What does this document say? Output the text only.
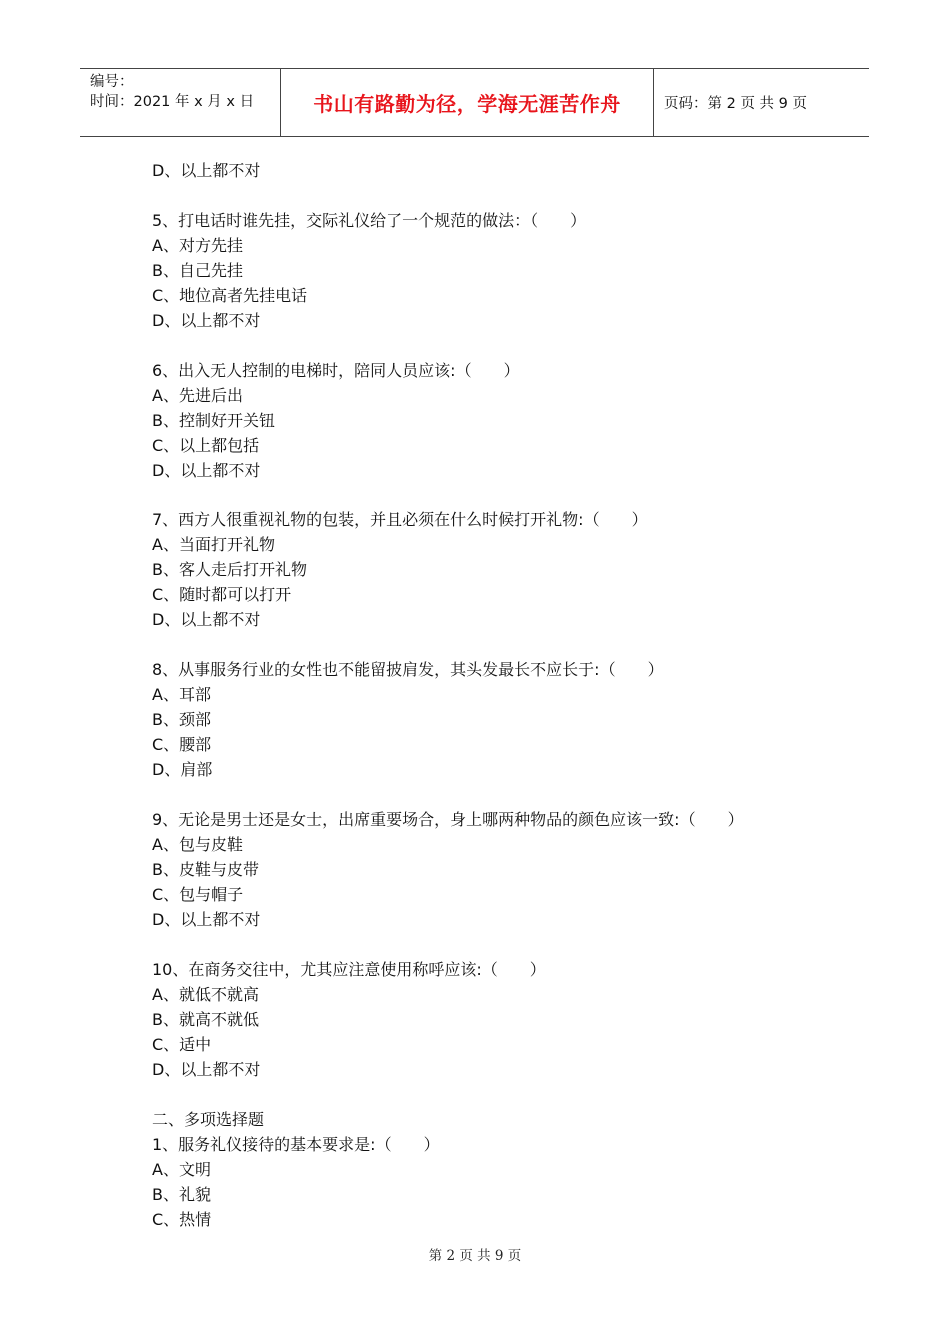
编号：
时间：2021 年 x 月 x 日	书山有路勤为径，学海无涯苦作舟	页码：第 2 页 共 9 页
D、以上都不对
5、打电话时谁先挂，交际礼仪给了一个规范的做法：（　　）
A、对方先挂
B、自己先挂
C、地位高者先挂电话
D、以上都不对
6、出入无人控制的电梯时，陪同人员应该:（　　）
A、先进后出
B、控制好开关钮
C、以上都包括
D、以上都不对
7、西方人很重视礼物的包装，并且必须在什么时候打开礼物:（　　）
A、当面打开礼物
B、客人走后打开礼物
C、随时都可以打开
D、以上都不对
8、从事服务行业的女性也不能留披肩发，其头发最长不应长于:（　　）
A、耳部
B、颈部
C、腰部
D、肩部
9、无论是男士还是女士，出席重要场合，身上哪两种物品的颜色应该一致:（　　）
A、包与皮鞋
B、皮鞋与皮带
C、包与帽子
D、以上都不对
10、在商务交往中，尤其应注意使用称呼应该:（　　）
A、就低不就高
B、就高不就低
C、适中
D、以上都不对
二、多项选择题
1、服务礼仪接待的基本要求是:（　　）
A、文明
B、礼貌
C、热情
第 2 页 共 9 页
